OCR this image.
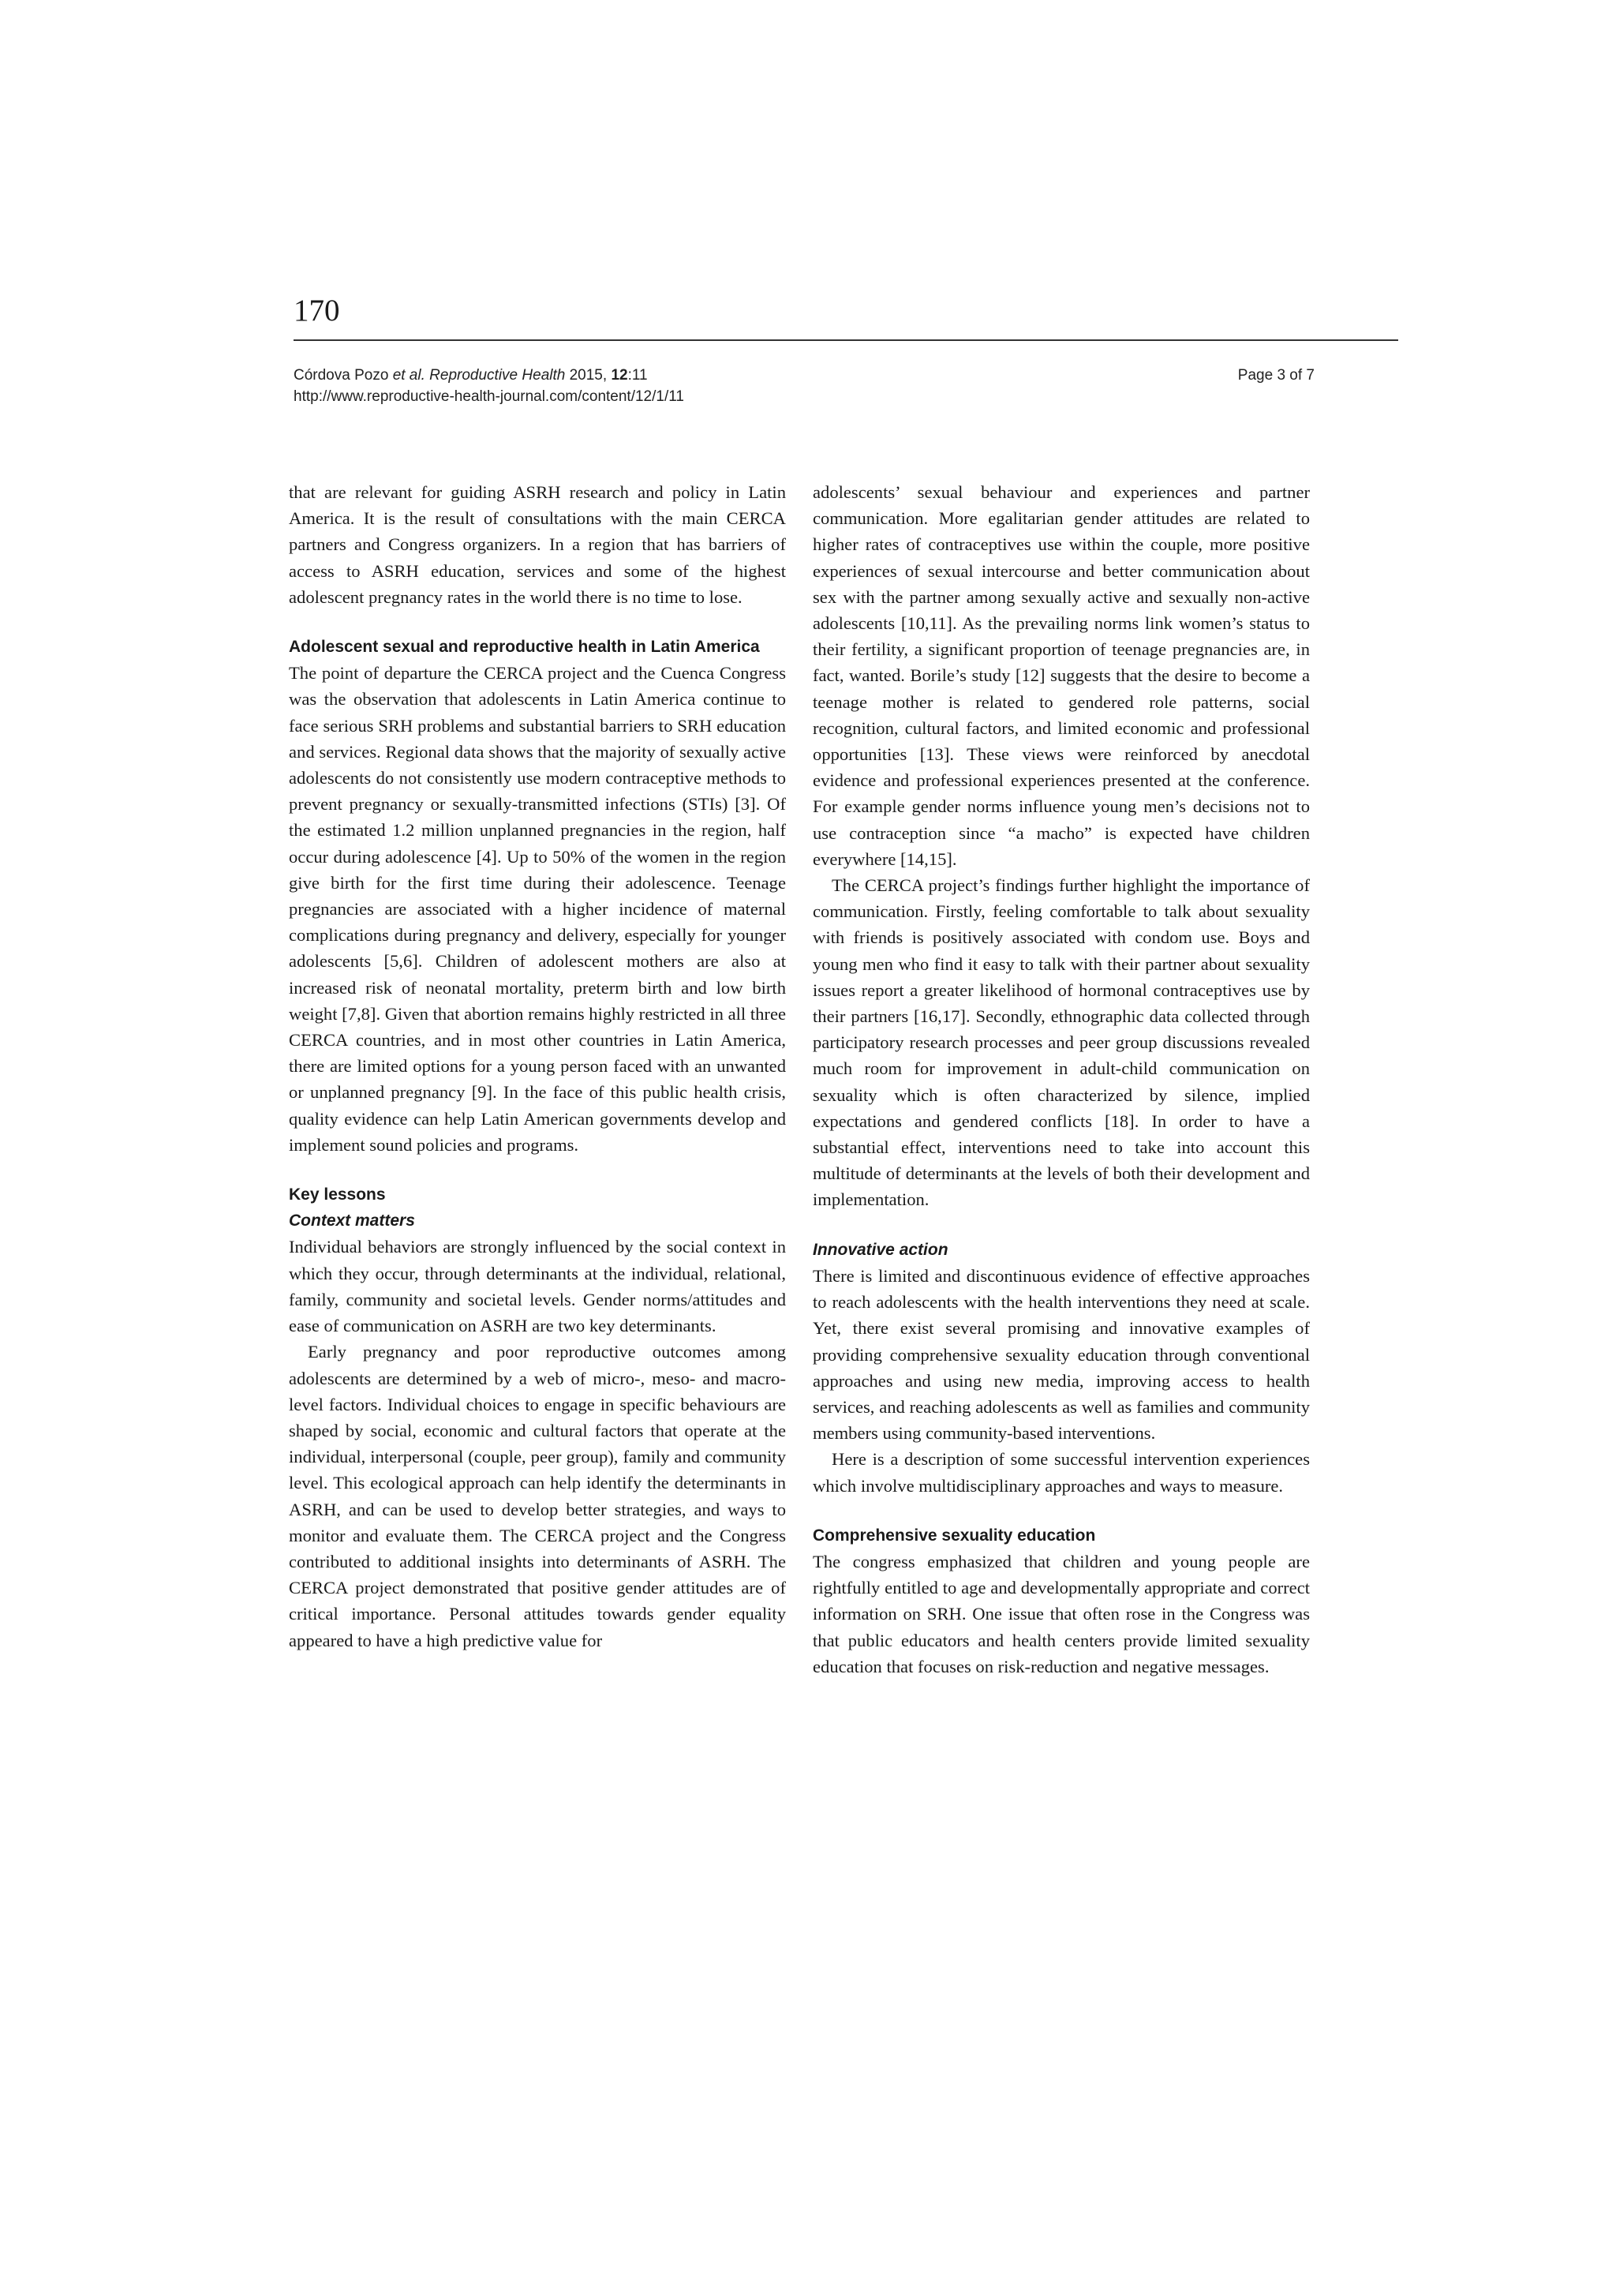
170
Córdova Pozo et al. Reproductive Health 2015, 12:11
http://www.reproductive-health-journal.com/content/12/1/11
Page 3 of 7

that are relevant for guiding ASRH research and policy in Latin America. It is the result of consultations with the main CERCA partners and Congress organizers. In a region that has barriers of access to ASRH education, services and some of the highest adolescent pregnancy rates in the world there is no time to lose.

Adolescent sexual and reproductive health in Latin America

The point of departure the CERCA project and the Cuenca Congress was the observation that adolescents in Latin America continue to face serious SRH problems and substantial barriers to SRH education and services. Regional data shows that the majority of sexually active adolescents do not consistently use modern contraceptive methods to prevent pregnancy or sexually-transmitted infections (STIs) [3]. Of the estimated 1.2 million unplanned pregnancies in the region, half occur during adolescence [4]. Up to 50% of the women in the region give birth for the first time during their adolescence. Teenage pregnancies are associated with a higher incidence of maternal complications during pregnancy and delivery, especially for younger adolescents [5,6]. Children of adolescent mothers are also at increased risk of neonatal mortality, preterm birth and low birth weight [7,8]. Given that abortion remains highly restricted in all three CERCA countries, and in most other countries in Latin America, there are limited options for a young person faced with an unwanted or unplanned pregnancy [9]. In the face of this public health crisis, quality evidence can help Latin American governments develop and implement sound policies and programs.

Key lessons
Context matters

Individual behaviors are strongly influenced by the social context in which they occur, through determinants at the individual, relational, family, community and societal levels. Gender norms/attitudes and ease of communication on ASRH are two key determinants.

Early pregnancy and poor reproductive outcomes among adolescents are determined by a web of micro-, meso- and macro-level factors. Individual choices to engage in specific behaviours are shaped by social, economic and cultural factors that operate at the individual, interpersonal (couple, peer group), family and community level. This ecological approach can help identify the determinants in ASRH, and can be used to develop better strategies, and ways to monitor and evaluate them. The CERCA project and the Congress contributed to additional insights into determinants of ASRH. The CERCA project demonstrated that positive gender attitudes are of critical importance. Personal attitudes towards gender equality appeared to have a high predictive value for

adolescents’ sexual behaviour and experiences and partner communication. More egalitarian gender attitudes are related to higher rates of contraceptives use within the couple, more positive experiences of sexual intercourse and better communication about sex with the partner among sexually active and sexually non-active adolescents [10,11]. As the prevailing norms link women’s status to their fertility, a significant proportion of teenage pregnancies are, in fact, wanted. Borile’s study [12] suggests that the desire to become a teenage mother is related to gendered role patterns, social recognition, cultural factors, and limited economic and professional opportunities [13]. These views were reinforced by anecdotal evidence and professional experiences presented at the conference. For example gender norms influence young men’s decisions not to use contraception since “a macho” is expected have children everywhere [14,15].

The CERCA project’s findings further highlight the importance of communication. Firstly, feeling comfortable to talk about sexuality with friends is positively associated with condom use. Boys and young men who find it easy to talk with their partner about sexuality issues report a greater likelihood of hormonal contraceptives use by their partners [16,17]. Secondly, ethnographic data collected through participatory research processes and peer group discussions revealed much room for improvement in adult-child communication on sexuality which is often characterized by silence, implied expectations and gendered conflicts [18]. In order to have a substantial effect, interventions need to take into account this multitude of determinants at the levels of both their development and implementation.

Innovative action

There is limited and discontinuous evidence of effective approaches to reach adolescents with the health interventions they need at scale. Yet, there exist several promising and innovative examples of providing comprehensive sexuality education through conventional approaches and using new media, improving access to health services, and reaching adolescents as well as families and community members using community-based interventions.

Here is a description of some successful intervention experiences which involve multidisciplinary approaches and ways to measure.

Comprehensive sexuality education

The congress emphasized that children and young people are rightfully entitled to age and developmentally appropriate and correct information on SRH. One issue that often rose in the Congress was that public educators and health centers provide limited sexuality education that focuses on risk-reduction and negative messages.
